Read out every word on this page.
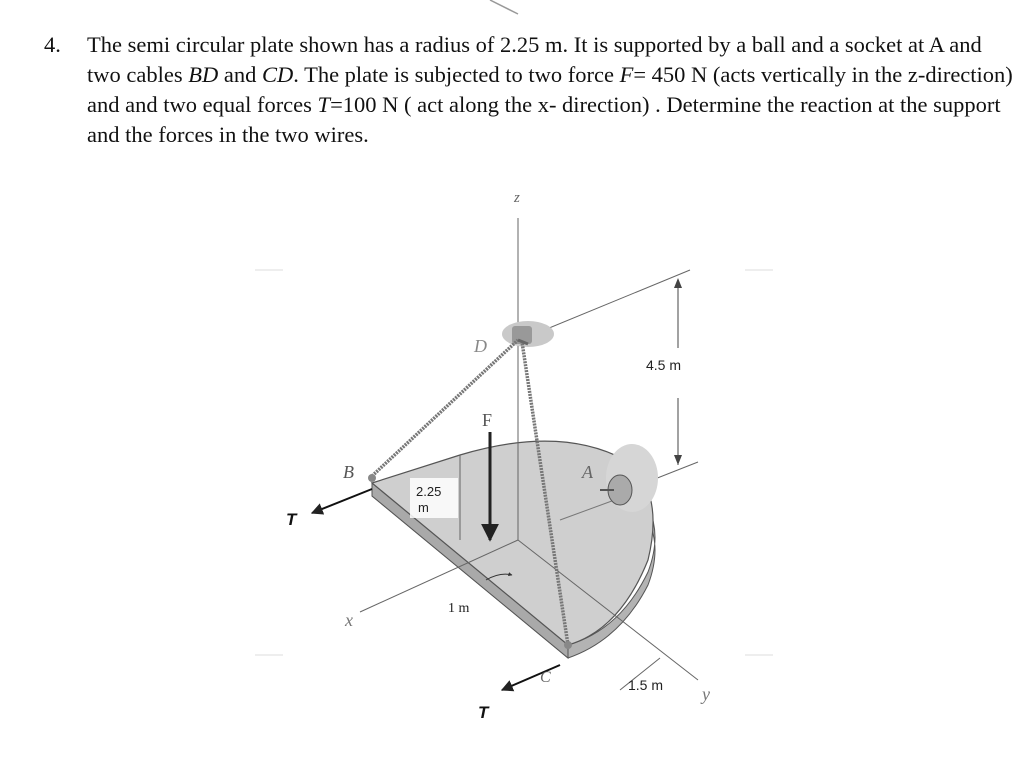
4. The semi circular plate shown has a radius of 2.25 m. It is supported by a ball and a socket at A and two cables BD and CD. The plate is subjected to two force F= 450 N (acts vertically in the z-direction) and and two equal forces T=100 N ( act along the x- direction) . Determine the reaction at the support and the forces in the two wires.
z
D
4.5 m
F
B	A
2.25
m
T
x
1 m
C	1.5 m y
T
